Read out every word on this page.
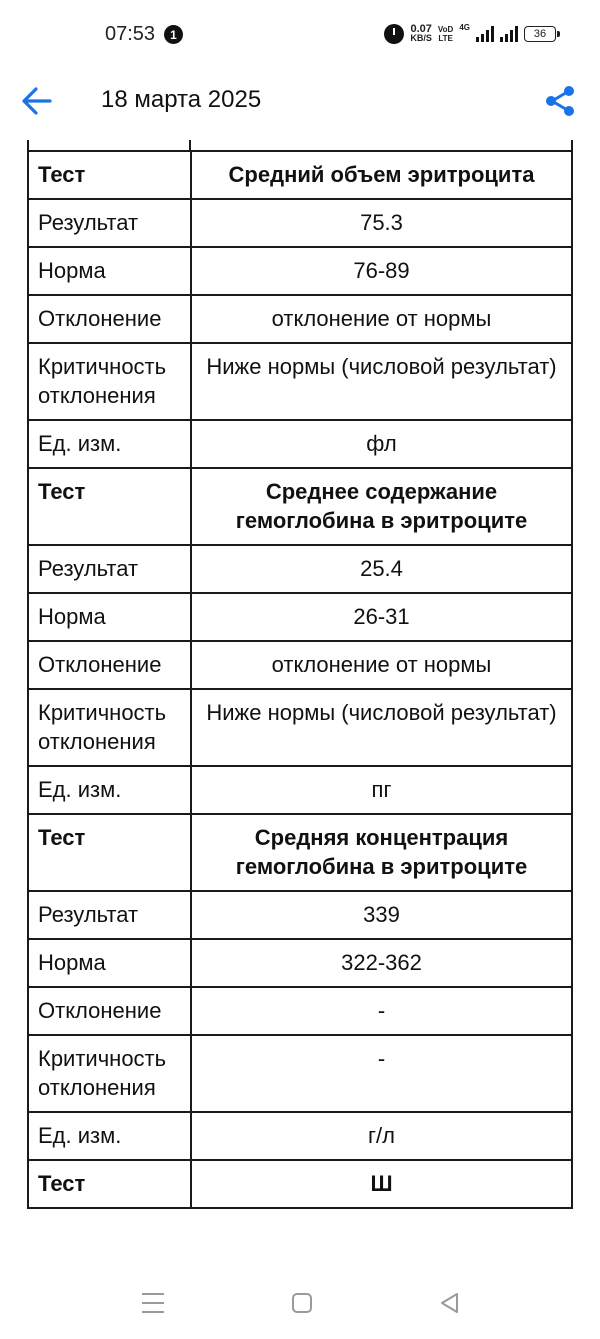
07:53	1	0.07
KB/S
VoD
LTE
4G
36
18 марта 2025
Тест	Средний объем эритроцита
Результат	75.3
Норма	76-89
Отклонение	отклонение от нормы
Критичность отклонения	Ниже нормы (числовой результат)
Ед. изм.	фл
Тест	Среднее содержание гемоглобина в эритроците
Результат	25.4
Норма	26-31
Отклонение	отклонение от нормы
Критичность отклонения	Ниже нормы (числовой результат)
Ед. изм.	пг
Тест	Средняя концентрация гемоглобина в эритроците
Результат	339
Норма	322-362
Отклонение	-
Критичность отклонения	-
Ед. изм.	г/л
Тест	Ш
